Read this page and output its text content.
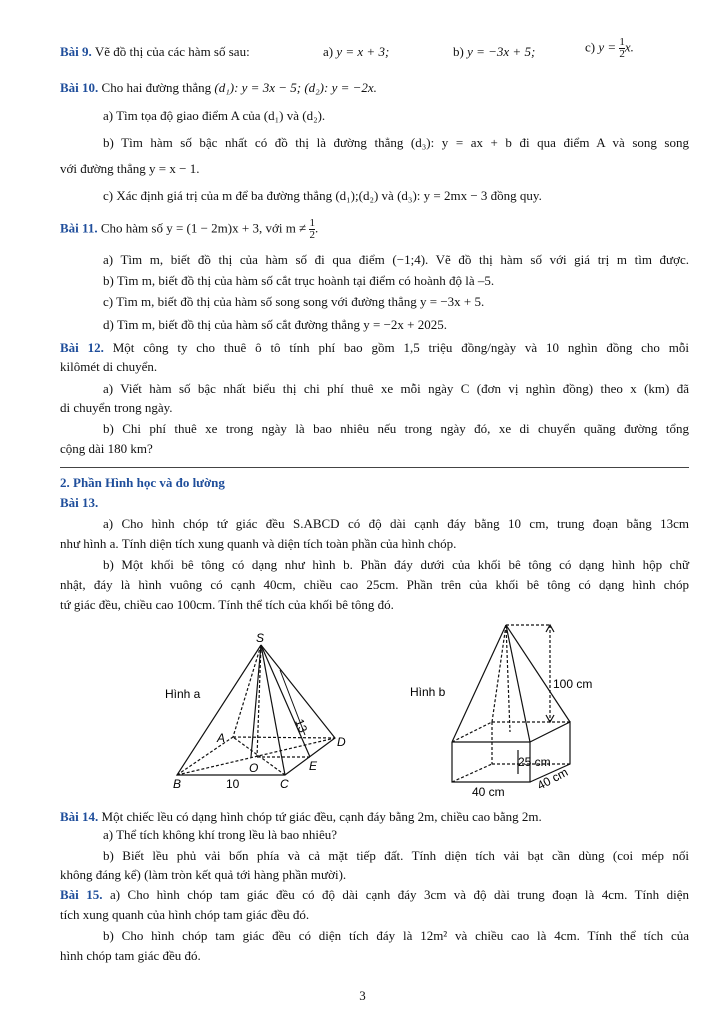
Bài 9. Vẽ đồ thị của các hàm số sau:	a) y = x + 3;	b) y = −3x + 5;	c) $y = \frac{1}{2} x$.
Bài 10. Cho hai đường thẳng (d₁): y = 3x − 5; (d₂): y = −2x.
a) Tìm tọa độ giao điểm A của (d₁) và (d₂).
b) Tìm hàm số bậc nhất có đồ thị là đường thẳng (d₃): y = ax + b đi qua điểm A và song song
với đường thẳng y = x − 1.
c) Xác định giá trị của m để ba đường thẳng (d₁);(d₂) và (d₃): y = 2mx − 3 đồng quy.
Bài 11. Cho hàm số y = (1 − 2m)x + 3, với $m \ne \frac{1}{2}$ .
a) Tìm m, biết đồ thị của hàm số đi qua điểm (−1;4). Vẽ đồ thị hàm số với giá trị m tìm được.
b) Tìm m, biết đồ thị của hàm số cắt trục hoành tại điểm có hoành độ là –5.
c) Tìm m, biết đồ thị của hàm số song song với đường thẳng y = −3x + 5.
d) Tìm m, biết đồ thị của hàm số cắt đường thẳng y = −2x + 2025.
Bài 12. Một công ty cho thuê ô tô tính phí bao gồm 1,5 triệu đồng/ngày và 10 nghìn đồng cho mỗi
kilômét di chuyển.
a) Viết hàm số bậc nhất biểu thị chi phí thuê xe mỗi ngày C (đơn vị nghìn đồng) theo x (km) đã
di chuyển trong ngày.
b) Chi phí thuê xe trong ngày là bao nhiêu nếu trong ngày đó, xe di chuyển quãng đường tổng
cộng dài 180 km?
2. Phần Hình học và đo lường
Bài 13.
a) Cho hình chóp tứ giác đều S.ABCD có độ dài cạnh đáy bằng 10 cm, trung đoạn bằng 13cm
như hình a. Tính diện tích xung quanh và diện tích toàn phần của hình chóp.
b) Một khối bê tông có dạng như hình b. Phần đáy dưới của khối bê tông có dạng hình hộp chữ
nhật, đáy là hình vuông có cạnh 40cm, chiều cao 25cm. Phần trên của khối bê tông có dạng hình chóp
tứ giác đều, chiều cao 100cm. Tính thể tích của khối bê tông đó.
Hình a
S
A
B	C
D
O	E
10
13
Hình b
100 cm
25 cm
40 cm	40 cm
Bài 14. Một chiếc lều có dạng hình chóp tứ giác đều, cạnh đáy bằng 2m, chiều cao bằng 2m.
a) Thể tích không khí trong lều là bao nhiêu?
b) Biết lều phủ vải bốn phía và cả mặt tiếp đất. Tính diện tích vải bạt cần dùng (coi mép nối
không đáng kể) (làm tròn kết quả tới hàng phần mười).
Bài 15. a) Cho hình chóp tam giác đều có độ dài cạnh đáy 3cm và độ dài trung đoạn là 4cm. Tính diện
tích xung quanh của hình chóp tam giác đều đó.
b) Cho hình chóp tam giác đều có diện tích đáy là 12m² và chiều cao là 4cm. Tính thể tích của
hình chóp tam giác đều đó.
3
